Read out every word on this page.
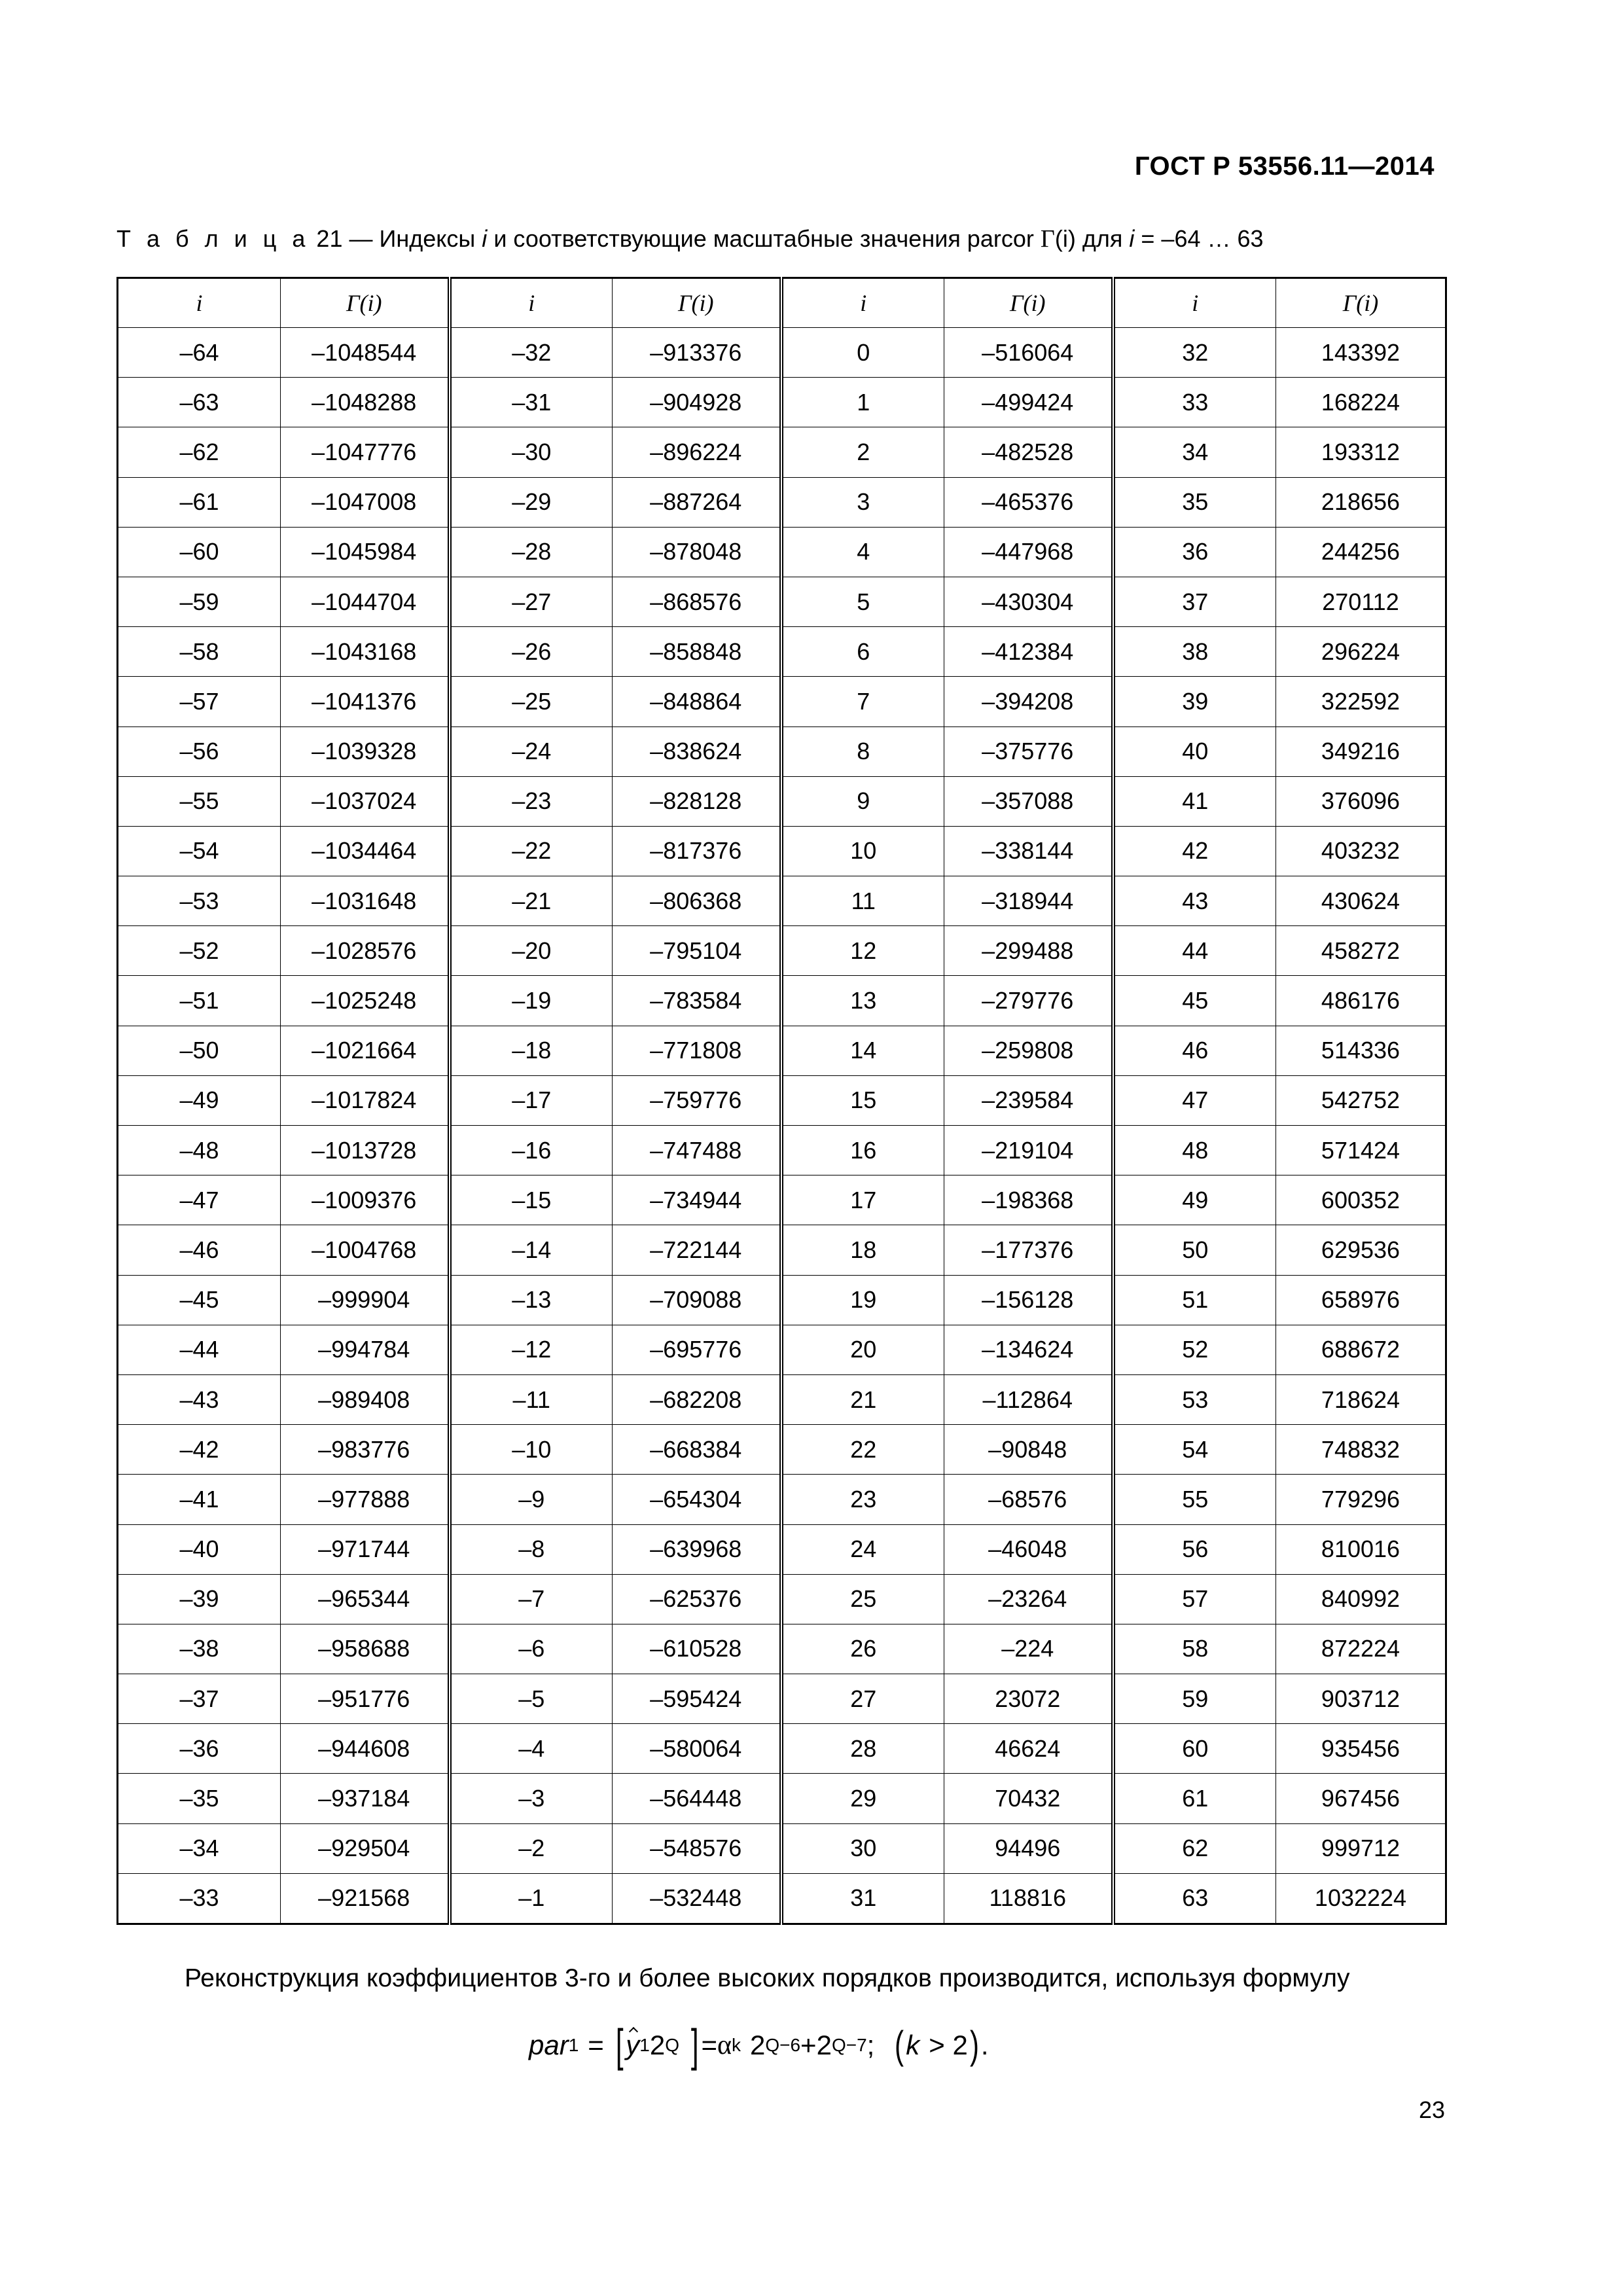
ГОСТ Р 53556.11—2014
Т а б л и ц а 21 — Индексы i и соответствующие масштабные значения parcor Γ(i) для i = –64 … 63
i	Γ(i)	i	Γ(i)	i	Γ(i)	i	Γ(i)
–64	–1048544	–32	–913376	0	–516064	32	143392
–63	–1048288	–31	–904928	1	–499424	33	168224
–62	–1047776	–30	–896224	2	–482528	34	193312
–61	–1047008	–29	–887264	3	–465376	35	218656
–60	–1045984	–28	–878048	4	–447968	36	244256
–59	–1044704	–27	–868576	5	–430304	37	270112
–58	–1043168	–26	–858848	6	–412384	38	296224
–57	–1041376	–25	–848864	7	–394208	39	322592
–56	–1039328	–24	–838624	8	–375776	40	349216
–55	–1037024	–23	–828128	9	–357088	41	376096
–54	–1034464	–22	–817376	10	–338144	42	403232
–53	–1031648	–21	–806368	11	–318944	43	430624
–52	–1028576	–20	–795104	12	–299488	44	458272
–51	–1025248	–19	–783584	13	–279776	45	486176
–50	–1021664	–18	–771808	14	–259808	46	514336
–49	–1017824	–17	–759776	15	–239584	47	542752
–48	–1013728	–16	–747488	16	–219104	48	571424
–47	–1009376	–15	–734944	17	–198368	49	600352
–46	–1004768	–14	–722144	18	–177376	50	629536
–45	–999904	–13	–709088	19	–156128	51	658976
–44	–994784	–12	–695776	20	–134624	52	688672
–43	–989408	–11	–682208	21	–112864	53	718624
–42	–983776	–10	–668384	22	–90848	54	748832
–41	–977888	–9	–654304	23	–68576	55	779296
–40	–971744	–8	–639968	24	–46048	56	810016
–39	–965344	–7	–625376	25	–23264	57	840992
–38	–958688	–6	–610528	26	–224	58	872224
–37	–951776	–5	–595424	27	23072	59	903712
–36	–944608	–4	–580064	28	46624	60	935456
–35	–937184	–3	–564448	29	70432	61	967456
–34	–929504	–2	–548576	30	94496	62	999712
–33	–921568	–1	–532448	31	118816	63	1032224
Реконструкция коэффициентов 3-го и более высоких порядков производится, используя формулу
par 1 = [ y 1 2 Q ] = α k 2 Q−6 + 2 Q−7 ; ( k > 2 ) .
23
